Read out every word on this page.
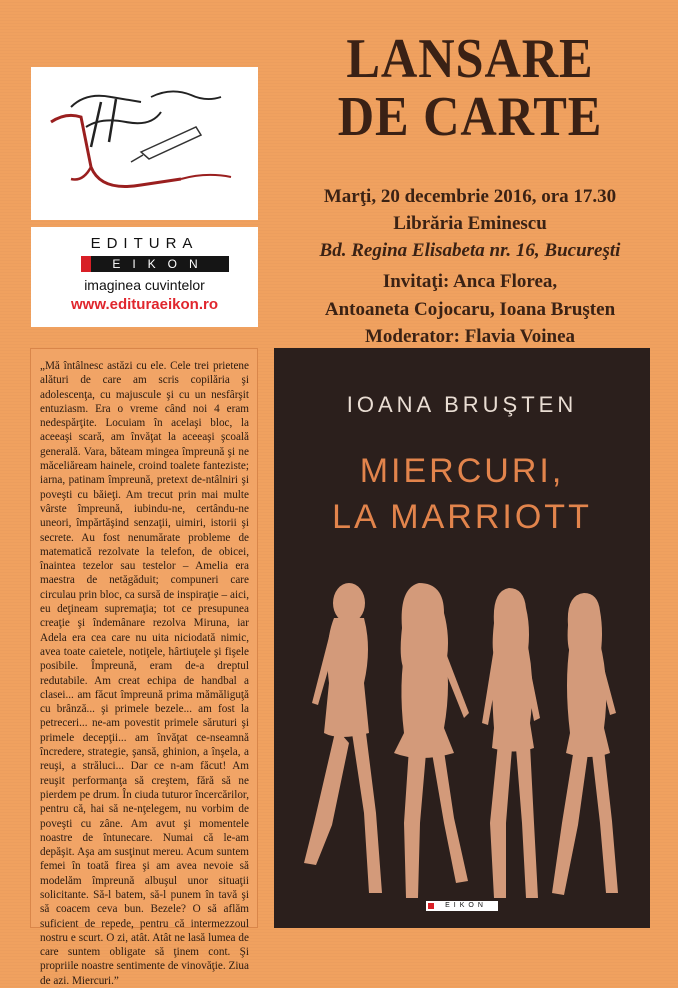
EDITURA
EIKON
imaginea cuvintelor
www.edituraeikon.ro
LANSARE
DE CARTE
Marţi, 20 decembrie 2016, ora 17.30
Librăria Eminescu
Bd. Regina Elisabeta nr. 16, Bucureşti
Invitaţi: Anca Florea,
Antoaneta Cojocaru, Ioana Bruşten
Moderator: Flavia Voinea

„Mă întâlnesc astăzi cu ele. Cele trei prietene alături de care am scris copilăria şi adolescenţa, cu majuscule şi cu un nesfârşit entuziasm. Era o vreme când noi 4 eram nedespărţite. Locuiam în acelaşi bloc, la aceeaşi scară, am învăţat la aceeaşi şcoală generală. Vara, băteam mingea împreună şi ne măceliăream hainele, croind toalete fanteziste; iarna, patinam împreună, pretext de-ntâlniri şi poveşti cu băieţi. Am trecut prin mai multe vârste împreună, iubindu-ne, certându-ne uneori, împărtăşind senzaţii, uimiri, istorii şi secrete. Au fost nenumărate probleme de matematică rezolvate la telefon, de obicei, înaintea tezelor sau testelor – Amelia era maestra de netăgăduit; compuneri care circulau prin bloc, ca sursă de inspiraţie – aici, eu deţineam supremaţia; tot ce presupunea creaţie şi îndemânare rezolva Miruna, iar Adela era cea care nu uita niciodată nimic, avea toate caietele, notiţele, hârtiuţele şi fişele posibile. Împreună, eram de-a dreptul redutabile. Am creat echipa de handbal a clasei... am făcut împreună prima mămăliguţă cu brânză... şi primele bezele... am fost la petreceri... ne-am povestit primele săruturi şi primele decepţii... am învăţat ce-nseamnă încredere, strategie, şansă, ghinion, a înşela, a reuşi, a străluci... Dar ce n-am făcut! Am reuşit performanţa să creştem, fără să ne pierdem pe drum. În ciuda tuturor încercărilor, pentru că, hai să ne-nţelegem, nu vorbim de poveşti cu zâne. Am avut şi momentele noastre de întunecare. Numai că le-am depăşit. Aşa am susţinut mereu. Acum suntem femei în toată firea şi am avea nevoie să modelăm împreună albuşul unor situaţii solicitante. Să-l batem, să-l punem în tavă şi să coacem ceva bun. Bezele? O să aflăm suficient de repede, pentru că intermezzoul nostru e scurt. O zi, atât. Atât ne lasă lumea de care suntem obligate să ţinem cont. Şi propriile noastre sentimente de vinovăţie. Ziua de azi. Miercuri.”

IOANA BRUŞTEN
MIERCURI,
LA MARRIOTT
EIKON
